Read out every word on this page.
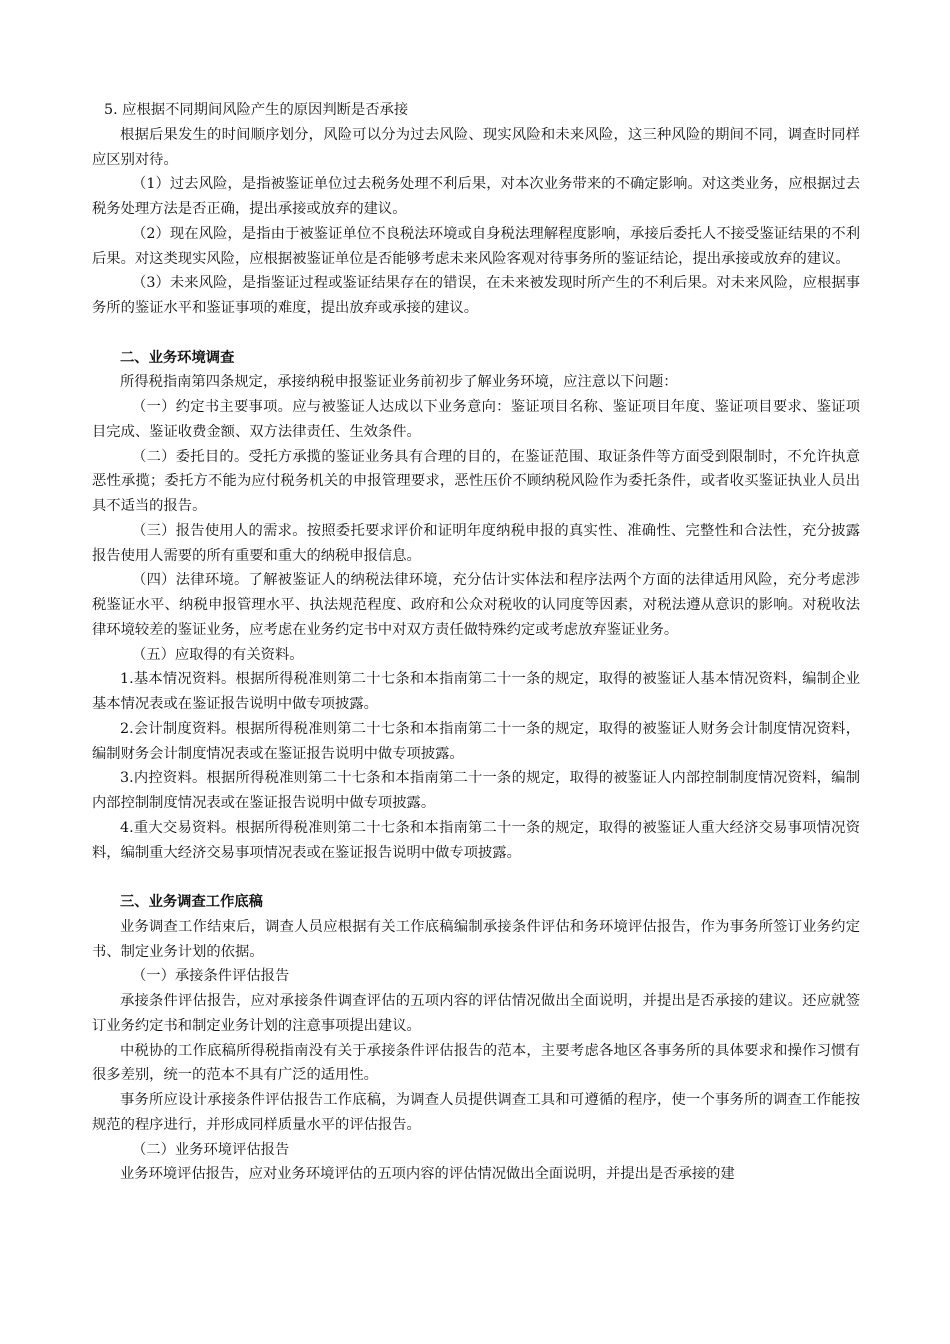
5. 应根据不同期间风险产生的原因判断是否承接

根据后果发生的时间顺序划分，风险可以分为过去风险、现实风险和未来风险，这三种风险的期间不同，调查时同样应区别对待。

（1）过去风险，是指被鉴证单位过去税务处理不利后果，对本次业务带来的不确定影响。对这类业务，应根据过去税务处理方法是否正确，提出承接或放弃的建议。

（2）现在风险，是指由于被鉴证单位不良税法环境或自身税法理解程度影响，承接后委托人不接受鉴证结果的不利后果。对这类现实风险，应根据被鉴证单位是否能够考虑未来风险客观对待事务所的鉴证结论，提出承接或放弃的建议。

（3）未来风险，是指鉴证过程或鉴证结果存在的错误，在未来被发现时所产生的不利后果。对未来风险，应根据事务所的鉴证水平和鉴证事项的难度，提出放弃或承接的建议。

二、业务环境调查

所得税指南第四条规定，承接纳税申报鉴证业务前初步了解业务环境，应注意以下问题：

（一）约定书主要事项。应与被鉴证人达成以下业务意向：鉴证项目名称、鉴证项目年度、鉴证项目要求、鉴证项目完成、鉴证收费金额、双方法律责任、生效条件。

（二）委托目的。受托方承揽的鉴证业务具有合理的目的，在鉴证范围、取证条件等方面受到限制时，不允许执意恶性承揽；委托方不能为应付税务机关的申报管理要求，恶性压价不顾纳税风险作为委托条件，或者收买鉴证执业人员出具不适当的报告。

（三）报告使用人的需求。按照委托要求评价和证明年度纳税申报的真实性、准确性、完整性和合法性，充分披露报告使用人需要的所有重要和重大的纳税申报信息。

（四）法律环境。了解被鉴证人的纳税法律环境，充分估计实体法和程序法两个方面的法律适用风险，充分考虑涉税鉴证水平、纳税申报管理水平、执法规范程度、政府和公众对税收的认同度等因素，对税法遵从意识的影响。对税收法律环境较差的鉴证业务，应考虑在业务约定书中对双方责任做特殊约定或考虑放弃鉴证业务。

（五）应取得的有关资料。

1.基本情况资料。根据所得税准则第二十七条和本指南第二十一条的规定，取得的被鉴证人基本情况资料，编制企业基本情况表或在鉴证报告说明中做专项披露。

2.会计制度资料。根据所得税准则第二十七条和本指南第二十一条的规定，取得的被鉴证人财务会计制度情况资料，编制财务会计制度情况表或在鉴证报告说明中做专项披露。

3.内控资料。根据所得税准则第二十七条和本指南第二十一条的规定，取得的被鉴证人内部控制制度情况资料，编制内部控制制度情况表或在鉴证报告说明中做专项披露。

4.重大交易资料。根据所得税准则第二十七条和本指南第二十一条的规定，取得的被鉴证人重大经济交易事项情况资料，编制重大经济交易事项情况表或在鉴证报告说明中做专项披露。

三、业务调查工作底稿

业务调查工作结束后，调查人员应根据有关工作底稿编制承接条件评估和务环境评估报告，作为事务所签订业务约定书、制定业务计划的依据。

（一）承接条件评估报告

承接条件评估报告，应对承接条件调查评估的五项内容的评估情况做出全面说明，并提出是否承接的建议。还应就签订业务约定书和制定业务计划的注意事项提出建议。

中税协的工作底稿所得税指南没有关于承接条件评估报告的范本，主要考虑各地区各事务所的具体要求和操作习惯有很多差别，统一的范本不具有广泛的适用性。

事务所应设计承接条件评估报告工作底稿，为调查人员提供调查工具和可遵循的程序，使一个事务所的调查工作能按规范的程序进行，并形成同样质量水平的评估报告。

（二）业务环境评估报告

业务环境评估报告，应对业务环境评估的五项内容的评估情况做出全面说明，并提出是否承接的建
